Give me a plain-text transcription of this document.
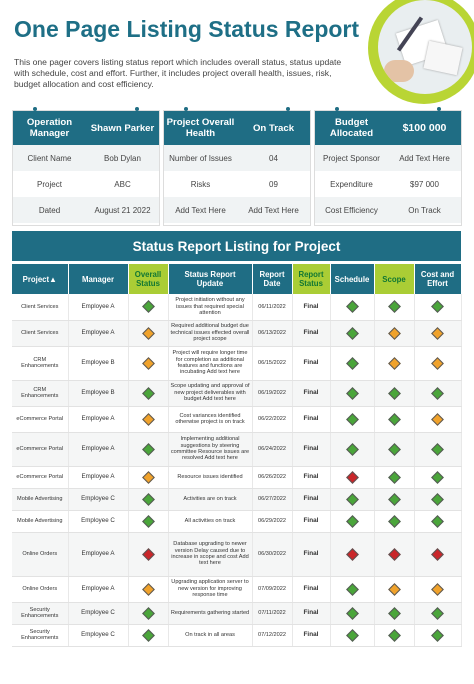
One Page Listing Status Report
This one pager covers listing status report which includes overall status, status update with schedule, cost and effort. Further, it includes project overall health, issues, risk, budget allocation and cost efficiency.
Operation Manager	Shawn Parker
Client Name	Bob Dylan
Project	ABC
Dated	August 21 2022
Project Overall Health	On Track
Number of Issues	04
Risks	09
Add Text Here	Add Text Here
Budget Allocated	$100 000
Project Sponsor	Add Text Here
Expenditure	$97 000
Cost Efficiency	On Track
Status Report Listing for Project
Project▲	Manager	Overall Status	Status Report Update	Report Date	Report Status	Schedule	Scope	Cost and Effort
Client Services	Employee A		Project initiation without any issues that required special attention	06/11/2022	Final			
Client Services	Employee A		Required additional budget due technical issues effected overall project scope	06/13/2022	Final			
CRM Enhancements	Employee B		Project will require longer time for completion as additional features and functions are incubating Add text here	06/15/2022	Final			
CRM Enhancements	Employee B		Scope updating and approval of new project deliverables with budget Add text here	06/19/2022	Final			
eCommerce Portal	Employee A		Cost variances identified otherwise project is on track	06/22/2022	Final			
eCommerce Portal	Employee A		Implementing additional suggestions by steering committee Resource issues are resolved Add text here	06/24/2022	Final			
eCommerce Portal	Employee A		Resource issues identified	06/26/2022	Final			
Mobile Advertising	Employee C		Activities are on track	06/27/2022	Final			
Mobile Advertising	Employee C		All activities on track	06/29/2022	Final			
Online Orders	Employee A		Database upgrading to newer version Delay caused due to increase in scope and cost Add text here	06/30/2022	Final			
Online Orders	Employee A		Upgrading application server to new version for improving response time	07/09/2022	Final			
Security Enhancements	Employee C		Requirements gathering started	07/11/2022	Final			
Security Enhancements	Employee C		On track in all areas	07/12/2022	Final			
